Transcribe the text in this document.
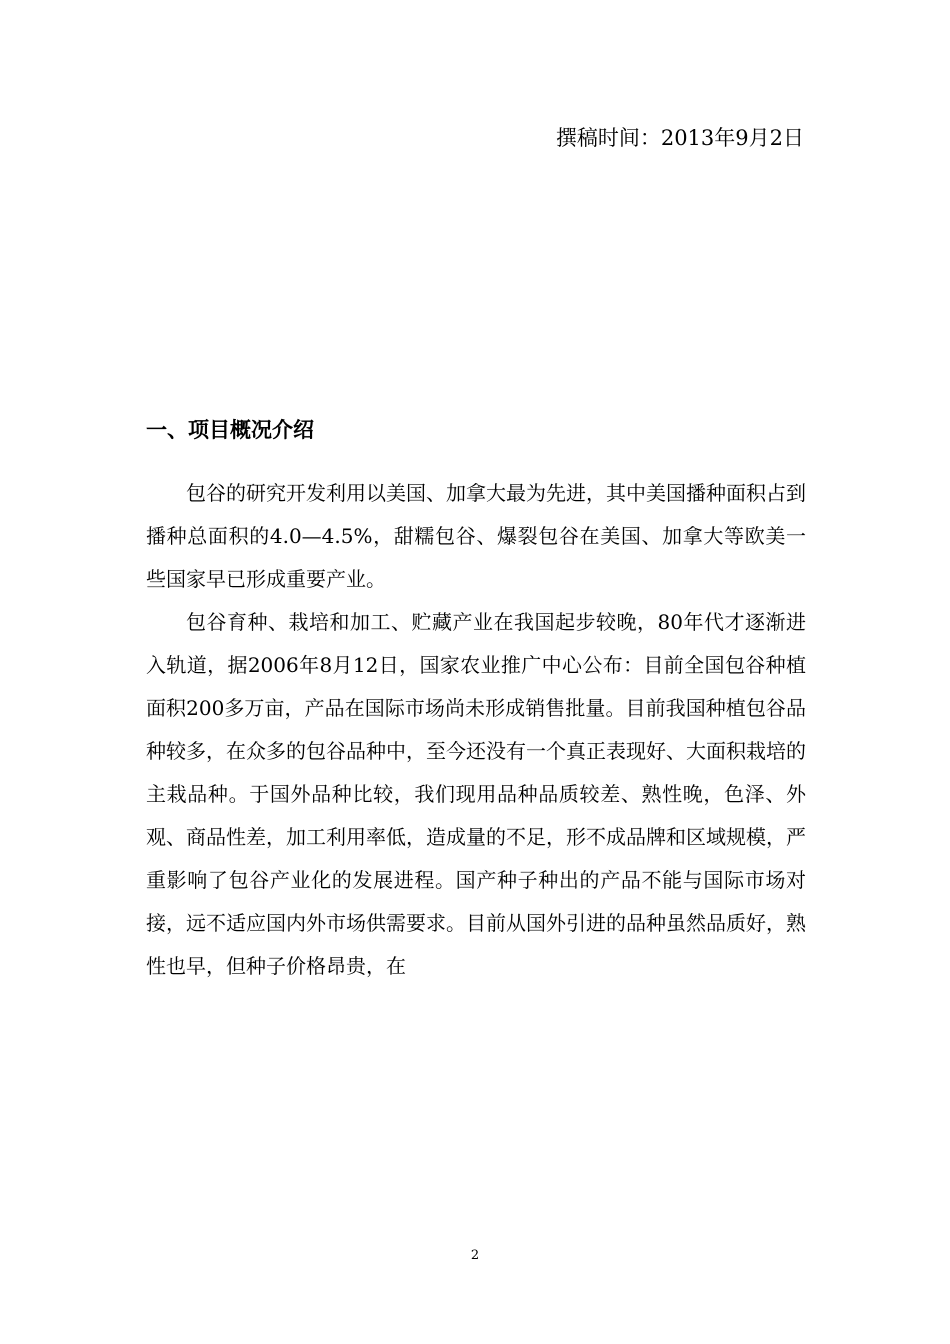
撰稿时间：2013年9月2日
一、项目概况介绍

包谷的研究开发利用以美国、加拿大最为先进，其中美国播种面积占到播种总面积的4.0—4.5%，甜糯包谷、爆裂包谷在美国、加拿大等欧美一些国家早已形成重要产业。

包谷育种、栽培和加工、贮藏产业在我国起步较晚，80年代才逐渐进入轨道，据2006年8月12日，国家农业推广中心公布：目前全国包谷种植面积200多万亩，产品在国际市场尚未形成销售批量。目前我国种植包谷品种较多，在众多的包谷品种中，至今还没有一个真正表现好、大面积栽培的主栽品种。于国外品种比较，我们现用品种品质较差、熟性晚，色泽、外观、商品性差，加工利用率低，造成量的不足，形不成品牌和区域规模，严重影响了包谷产业化的发展进程。国产种子种出的产品不能与国际市场对接，远不适应国内外市场供需要求。目前从国外引进的品种虽然品质好，熟性也早，但种子价格昂贵，在

2
